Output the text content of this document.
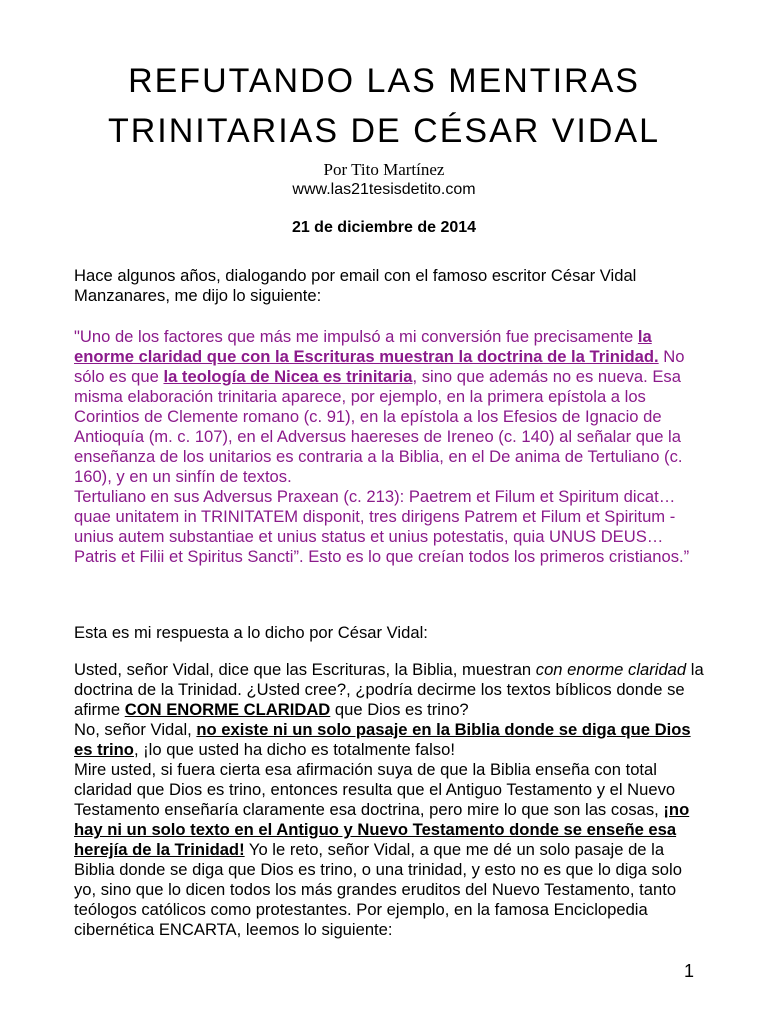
REFUTANDO LAS MENTIRAS
TRINITARIAS DE CÉSAR VIDAL
Por Tito Martínez
www.las21tesisdetito.com
21 de diciembre de 2014

Hace algunos años, dialogando por email con el famoso escritor César Vidal Manzanares, me dijo lo siguiente:

"Uno de los factores que más me impulsó a mi conversión fue precisamente la enorme claridad que con la Escrituras muestran la doctrina de la Trinidad. No sólo es que la teología de Nicea es trinitaria, sino que además no es nueva. Esa misma elaboración trinitaria aparece, por ejemplo, en la primera epístola a los Corintios de Clemente romano (c. 91), en la epístola a los Efesios de Ignacio de Antioquía (m. c. 107), en el Adversus haereses de Ireneo (c. 140) al señalar que la enseñanza de los unitarios es contraria a la Biblia, en el De anima de Tertuliano (c. 160), y en un sinfín de textos.
Tertuliano en sus Adversus Praxean (c. 213): Paetrem et Filum et Spiritum dicat… quae unitatem in TRINITATEM disponit, tres dirigens Patrem et Filum et Spiritum - unius autem substantiae et unius status et unius potestatis, quia UNUS DEUS… Patris et Filii et Spiritus Sancti”. Esto es lo que creían todos los primeros cristianos.”

Esta es mi respuesta a lo dicho por César Vidal:

Usted, señor Vidal, dice que las Escrituras, la Biblia, muestran con enorme claridad la doctrina de la Trinidad. ¿Usted cree?, ¿podría decirme los textos bíblicos donde se afirme CON ENORME CLARIDAD que Dios es trino?
No, señor Vidal, no existe ni un solo pasaje en la Biblia donde se diga que Dios es trino, ¡lo que usted ha dicho es totalmente falso!
Mire usted, si fuera cierta esa afirmación suya de que la Biblia enseña con total claridad que Dios es trino, entonces resulta que el Antiguo Testamento y el Nuevo Testamento enseñaría claramente esa doctrina, pero mire lo que son las cosas, ¡no hay ni un solo texto en el Antiguo y Nuevo Testamento donde se enseñe esa herejía de la Trinidad! Yo le reto, señor Vidal, a que me dé un solo pasaje de la Biblia donde se diga que Dios es trino, o una trinidad, y esto no es que lo diga solo yo, sino que lo dicen todos los más grandes eruditos del Nuevo Testamento, tanto teólogos católicos como protestantes. Por ejemplo, en la famosa Enciclopedia cibernética ENCARTA, leemos lo siguiente:

1
